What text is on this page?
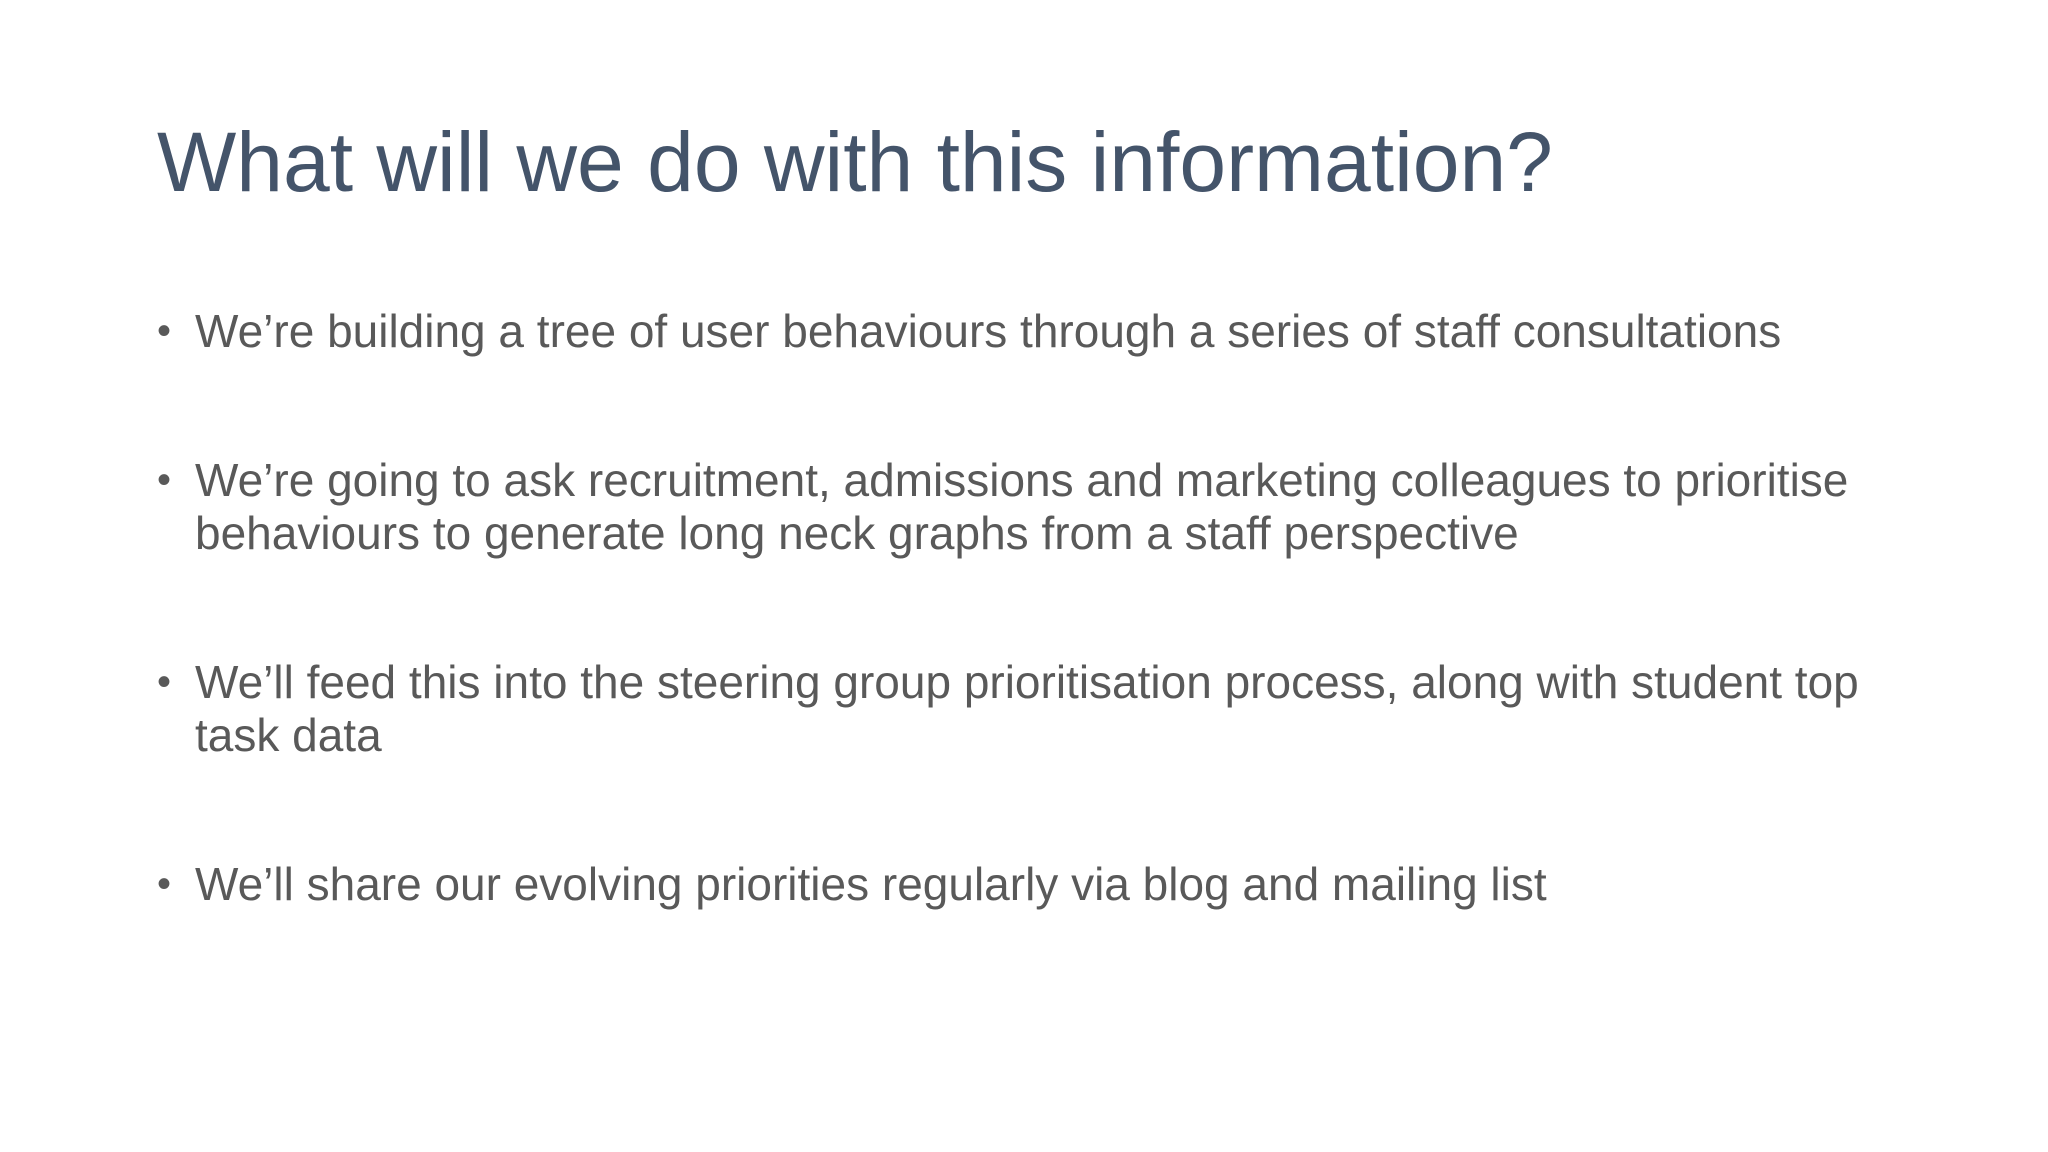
What will we do with this information?
• We’re building a tree of user behaviours through a series of staff consultations
• We’re going to ask recruitment, admissions and marketing colleagues to prioritise behaviours to generate long neck graphs from a staff perspective
• We’ll feed this into the steering group prioritisation process, along with student top task data
• We’ll share our evolving priorities regularly via blog and mailing list
